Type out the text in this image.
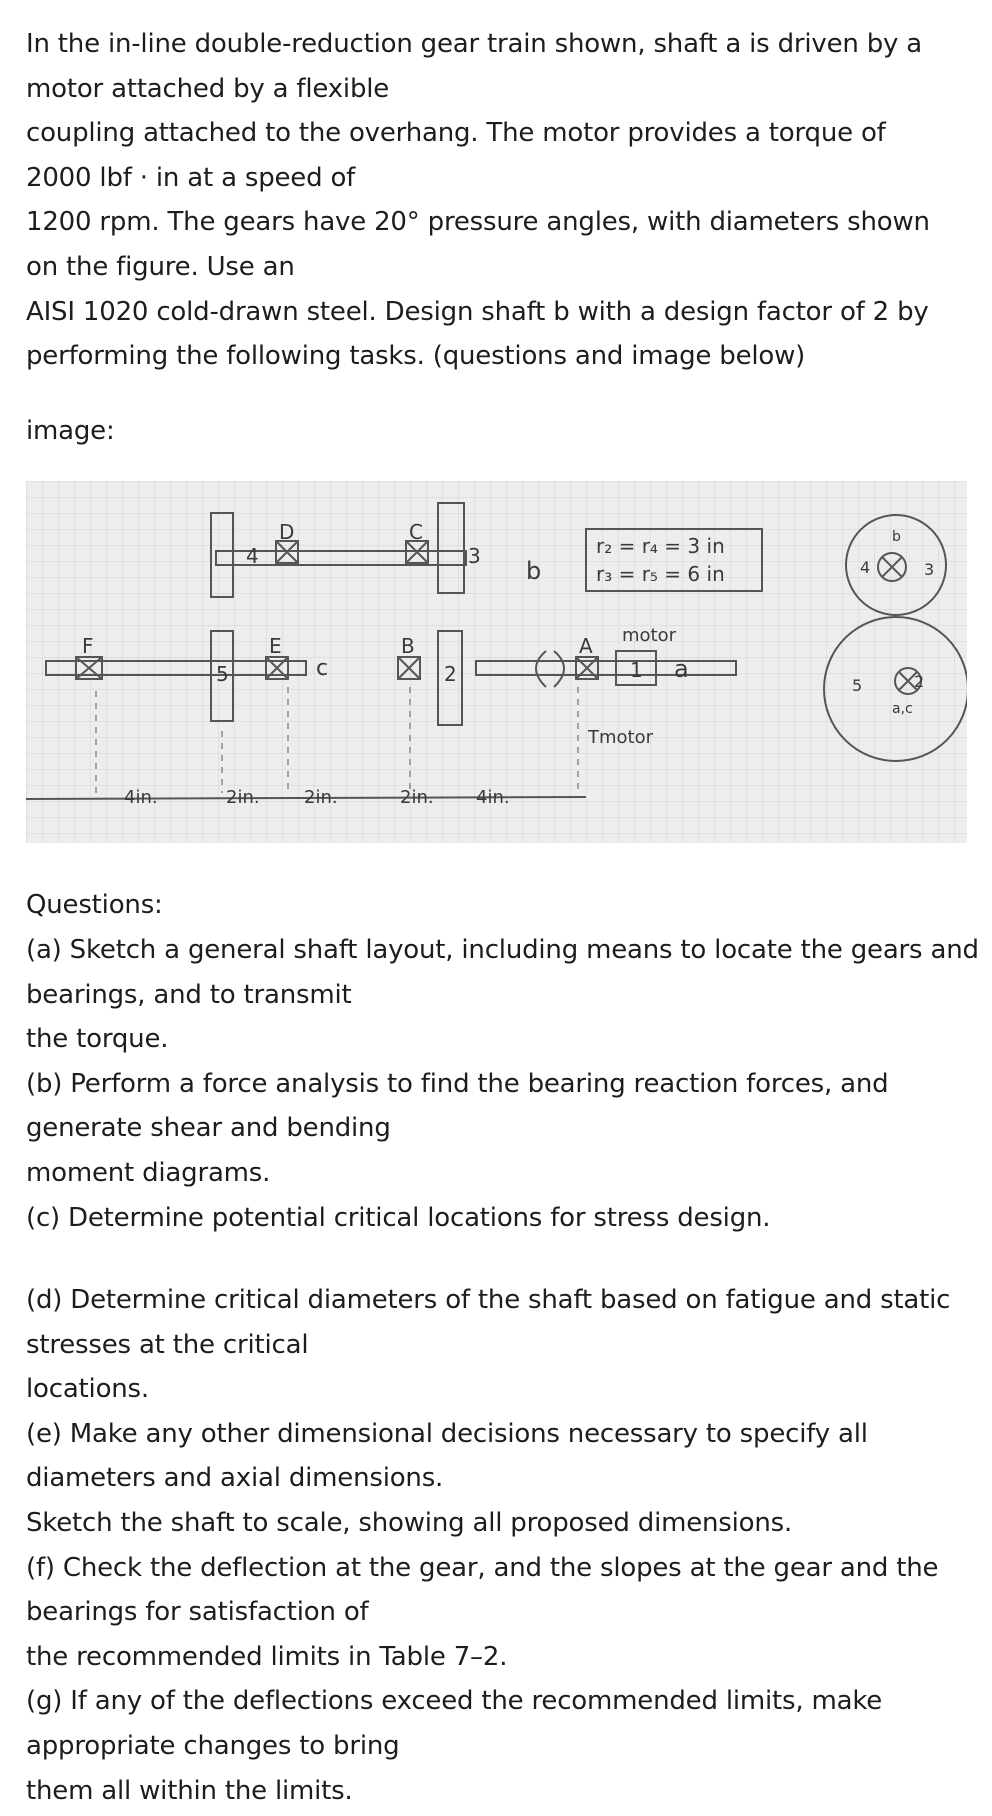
In the in-line double-reduction gear train shown, shaft a is driven by a
motor attached by a flexible
coupling attached to the overhang. The motor provides a torque of
2000 lbf · in at a speed of
1200 rpm. The gears have 20° pressure angles, with diameters shown
on the figure. Use an
AISI 1020 cold-drawn steel. Design shaft b with a design factor of 2 by
performing the following tasks. (questions and image below)
image:
D	C
F	E	B	A
4
5
3
2	1
b
c	a
r₂ = r₄ = 3 in
r₃ = r₅ = 6 in
motor
Tmotor
4in.	2in. 2in.	2in. 4in.
4
b
3
5	2
a,c
Questions:
(a) Sketch a general shaft layout, including means to locate the gears and
bearings, and to transmit
the torque.
(b) Perform a force analysis to find the bearing reaction forces, and
generate shear and bending
moment diagrams.
(c) Determine potential critical locations for stress design.
(d) Determine critical diameters of the shaft based on fatigue and static
stresses at the critical
locations.
(e) Make any other dimensional decisions necessary to specify all
diameters and axial dimensions.
Sketch the shaft to scale, showing all proposed dimensions.
(f) Check the deflection at the gear, and the slopes at the gear and the
bearings for satisfaction of
the recommended limits in Table 7–2.
(g) If any of the deflections exceed the recommended limits, make
appropriate changes to bring
them all within the limits.
